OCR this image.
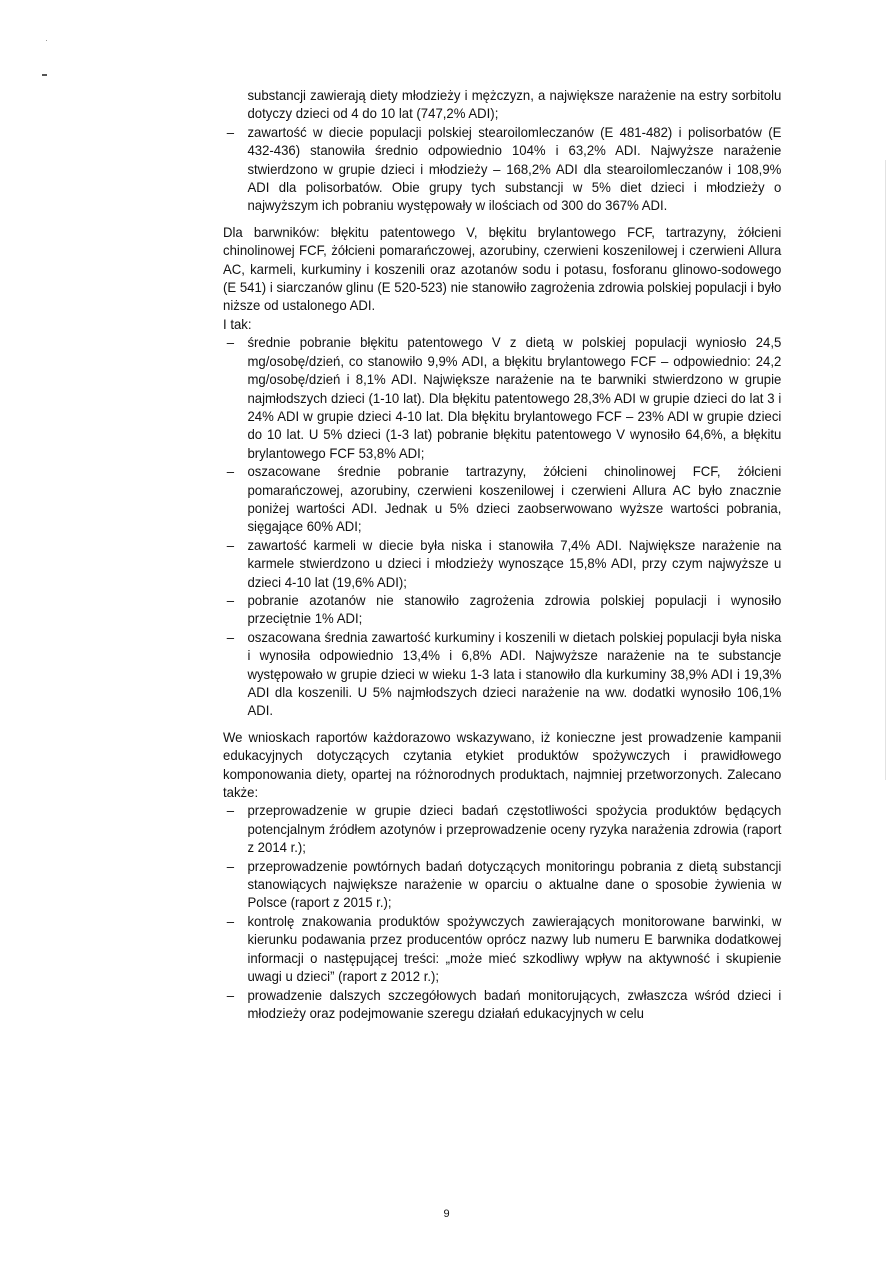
substancji zawierają diety młodzieży i mężczyzn, a największe narażenie na estry sorbitolu dotyczy dzieci od 4 do 10 lat (747,2% ADI);

– zawartość w diecie populacji polskiej stearoilomleczanów (E 481-482) i polisorbatów (E 432-436) stanowiła średnio odpowiednio 104% i 63,2% ADI. Najwyższe narażenie stwierdzono w grupie dzieci i młodzieży – 168,2% ADI dla stearoilomleczanów i 108,9% ADI dla polisorbatów. Obie grupy tych substancji w 5% diet dzieci i młodzieży o najwyższym ich pobraniu występowały w ilościach od 300 do 367% ADI.

Dla barwników: błękitu patentowego V, błękitu brylantowego FCF, tartrazyny, żółcieni chinolinowej FCF, żółcieni pomarańczowej, azorubiny, czerwieni koszenilowej i czerwieni Allura AC, karmeli, kurkuminy i koszenili oraz azotanów sodu i potasu, fosforanu glinowo-sodowego (E 541) i siarczanów glinu (E 520-523) nie stanowiło zagrożenia zdrowia polskiej populacji i było niższe od ustalonego ADI.

I tak:

– średnie pobranie błękitu patentowego V z dietą w polskiej populacji wyniosło 24,5 mg/osobę/dzień, co stanowiło 9,9% ADI, a błękitu brylantowego FCF – odpowiednio: 24,2 mg/osobę/dzień i 8,1% ADI. Największe narażenie na te barwniki stwierdzono w grupie najmłodszych dzieci (1-10 lat). Dla błękitu patentowego 28,3% ADI w grupie dzieci do lat 3 i 24% ADI w grupie dzieci 4-10 lat. Dla błękitu brylantowego FCF – 23% ADI w grupie dzieci do 10 lat. U 5% dzieci (1-3 lat) pobranie błękitu patentowego V wynosiło 64,6%, a błękitu brylantowego FCF 53,8% ADI;
– oszacowane średnie pobranie tartrazyny, żółcieni chinolinowej FCF, żółcieni pomarańczowej, azorubiny, czerwieni koszenilowej i czerwieni Allura AC było znacznie poniżej wartości ADI. Jednak u 5% dzieci zaobserwowano wyższe wartości pobrania, sięgające 60% ADI;
– zawartość karmeli w diecie była niska i stanowiła 7,4% ADI. Największe narażenie na karmele stwierdzono u dzieci i młodzieży wynoszące 15,8% ADI, przy czym najwyższe u dzieci 4-10 lat (19,6% ADI);
– pobranie azotanów nie stanowiło zagrożenia zdrowia polskiej populacji i wynosiło przeciętnie 1% ADI;
– oszacowana średnia zawartość kurkuminy i koszenili w dietach polskiej populacji była niska i wynosiła odpowiednio 13,4% i 6,8% ADI. Najwyższe narażenie na te substancje występowało w grupie dzieci w wieku 1-3 lata i stanowiło dla kurkuminy 38,9% ADI i 19,3% ADI dla koszenili. U 5% najmłodszych dzieci narażenie na ww. dodatki wynosiło 106,1% ADI.

We wnioskach raportów każdorazowo wskazywano, iż konieczne jest prowadzenie kampanii edukacyjnych dotyczących czytania etykiet produktów spożywczych i prawidłowego komponowania diety, opartej na różnorodnych produktach, najmniej przetworzonych. Zalecano także:

– przeprowadzenie w grupie dzieci badań częstotliwości spożycia produktów będących potencjalnym źródłem azotynów i przeprowadzenie oceny ryzyka narażenia zdrowia (raport z 2014 r.);
– przeprowadzenie powtórnych badań dotyczących monitoringu pobrania z dietą substancji stanowiących największe narażenie w oparciu o aktualne dane o sposobie żywienia w Polsce (raport z 2015 r.);
– kontrolę znakowania produktów spożywczych zawierających monitorowane barwinki, w kierunku podawania przez producentów oprócz nazwy lub numeru E barwnika dodatkowej informacji o następującej treści: „może mieć szkodliwy wpływ na aktywność i skupienie uwagi u dzieci” (raport z 2012 r.);
– prowadzenie dalszych szczegółowych badań monitorujących, zwłaszcza wśród dzieci i młodzieży oraz podejmowanie szeregu działań edukacyjnych w celu
9
